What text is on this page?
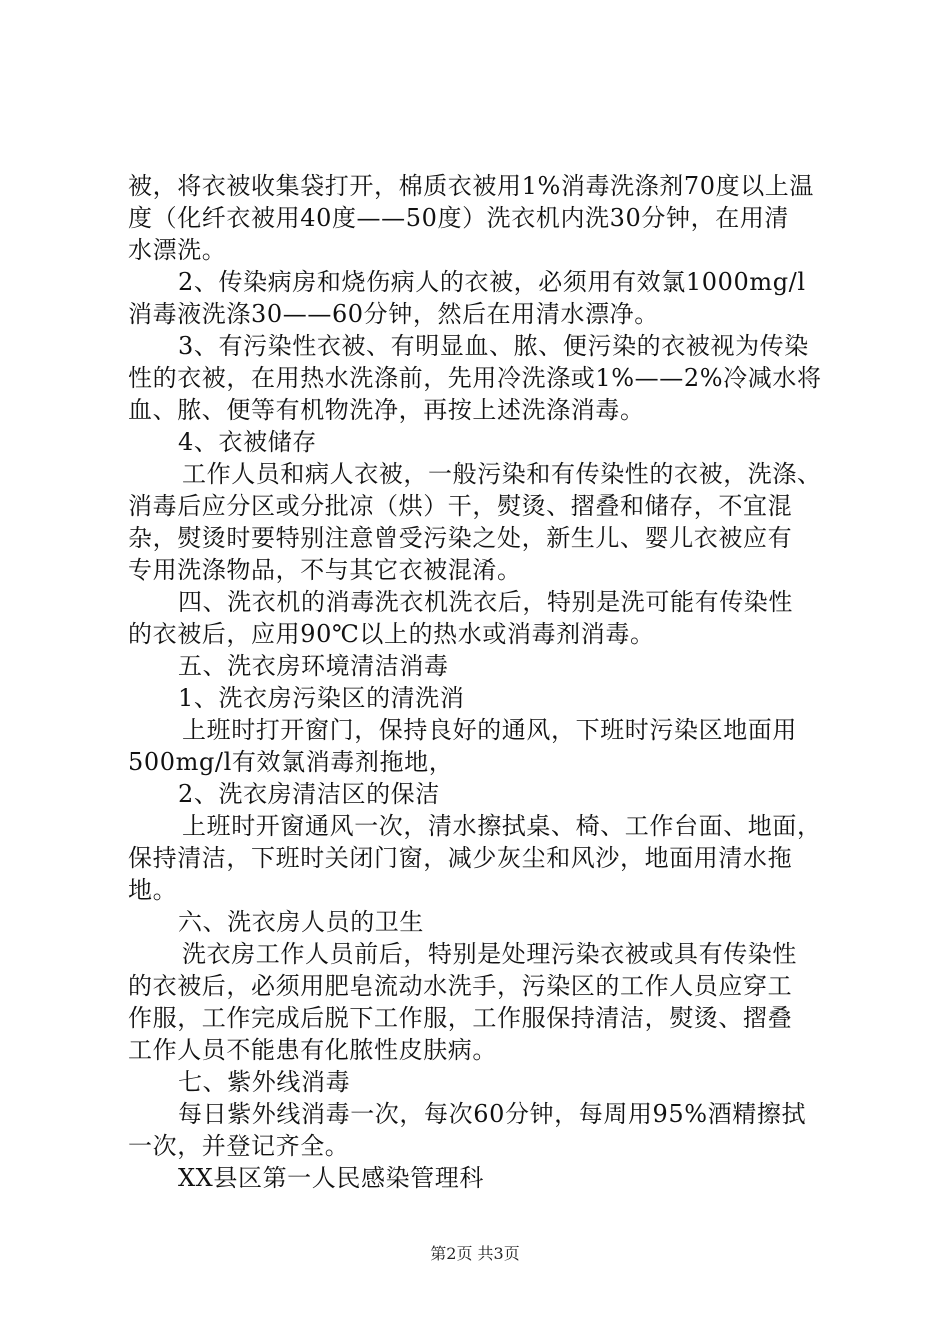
被，将衣被收集袋打开，棉质衣被用1%消毒洗涤剂70度以上温
度（化纤衣被用40度——50度）洗衣机内洗30分钟，在用清
水漂洗。
2、传染病房和烧伤病人的衣被，必须用有效氯1000mg/l
消毒液洗涤30——60分钟，然后在用清水漂净。
3、有污染性衣被、有明显血、脓、便污染的衣被视为传染
性的衣被，在用热水洗涤前，先用冷洗涤或1%——2%冷减水将
血、脓、便等有机物洗净，再按上述洗涤消毒。
4、衣被储存
工作人员和病人衣被，一般污染和有传染性的衣被，洗涤、
消毒后应分区或分批凉（烘）干，熨烫、摺叠和储存，不宜混
杂，熨烫时要特别注意曾受污染之处，新生儿、婴儿衣被应有
专用洗涤物品，不与其它衣被混淆。
四、洗衣机的消毒洗衣机洗衣后，特别是洗可能有传染性
的衣被后，应用90℃以上的热水或消毒剂消毒。
五、洗衣房环境清洁消毒
1、洗衣房污染区的清洗消
上班时打开窗门，保持良好的通风，下班时污染区地面用
500mg/l有效氯消毒剂拖地，
2、洗衣房清洁区的保洁
上班时开窗通风一次，清水擦拭桌、椅、工作台面、地面，
保持清洁，下班时关闭门窗，减少灰尘和风沙，地面用清水拖
地。
六、洗衣房人员的卫生
洗衣房工作人员前后，特别是处理污染衣被或具有传染性
的衣被后，必须用肥皂流动水洗手，污染区的工作人员应穿工
作服，工作完成后脱下工作服，工作服保持清洁，熨烫、摺叠
工作人员不能患有化脓性皮肤病。
七、紫外线消毒
每日紫外线消毒一次，每次60分钟，每周用95%酒精擦拭
一次，并登记齐全。
XX县区第一人民感染管理科
第2页 共3页
